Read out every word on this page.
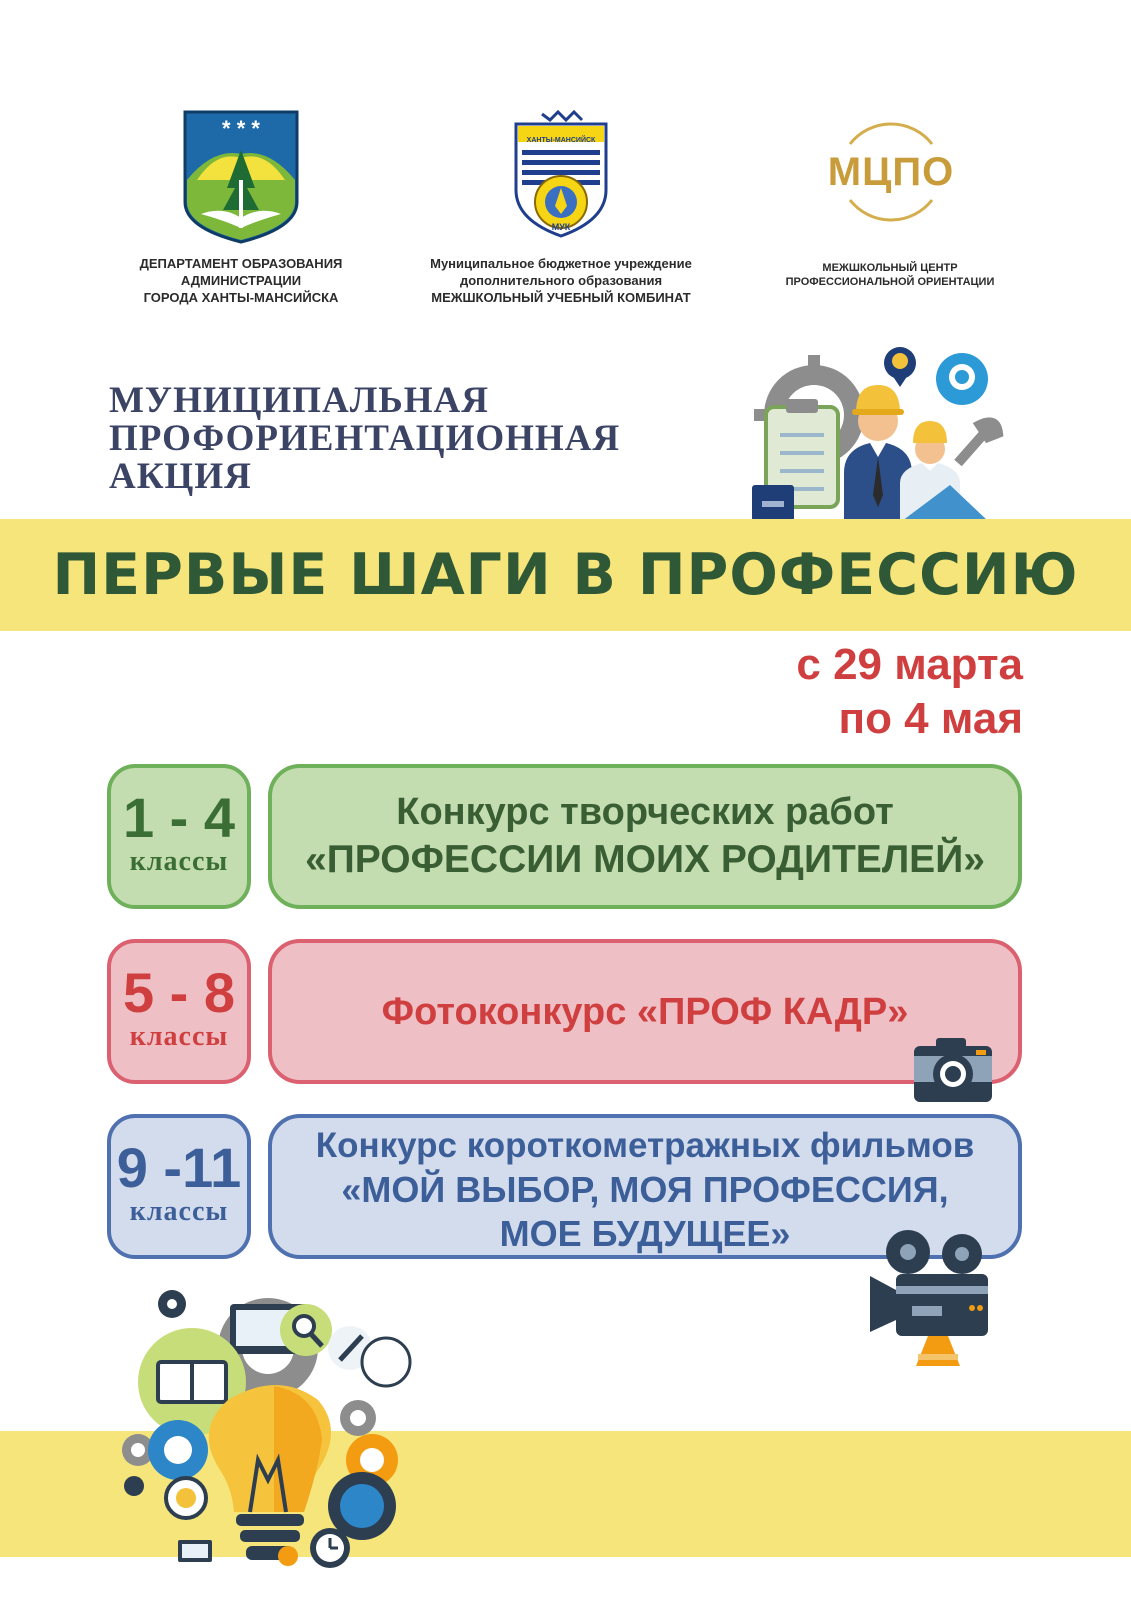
* * *
ДЕПАРТАМЕНТ ОБРАЗОВАНИЯ
АДМИНИСТРАЦИИ
ГОРОДА ХАНТЫ-МАНСИЙСКА
ХАНТЫ-МАНСИЙСК
МУК
Муниципальное бюджетное учреждение
дополнительного образования
МЕЖШКОЛЬНЫЙ УЧЕБНЫЙ КОМБИНАТ
МЦПО
МЕЖШКОЛЬНЫЙ ЦЕНТР
ПРОФЕССИОНАЛЬНОЙ ОРИЕНТАЦИИ
МУНИЦИПАЛЬНАЯ
ПРОФОРИЕНТАЦИОННАЯ
АКЦИЯ
ПЕРВЫЕ ШАГИ В ПРОФЕССИЮ
с 29 марта
по 4 мая
1 - 4
классы
Конкурс творческих работ
«ПРОФЕССИИ МОИХ РОДИТЕЛЕЙ»
5 - 8
классы
Фотоконкурс «ПРОФ КАДР»
9 -11
классы
Конкурс короткометражных фильмов
«МОЙ ВЫБОР, МОЯ ПРОФЕССИЯ,
МОЕ БУДУЩЕЕ»
